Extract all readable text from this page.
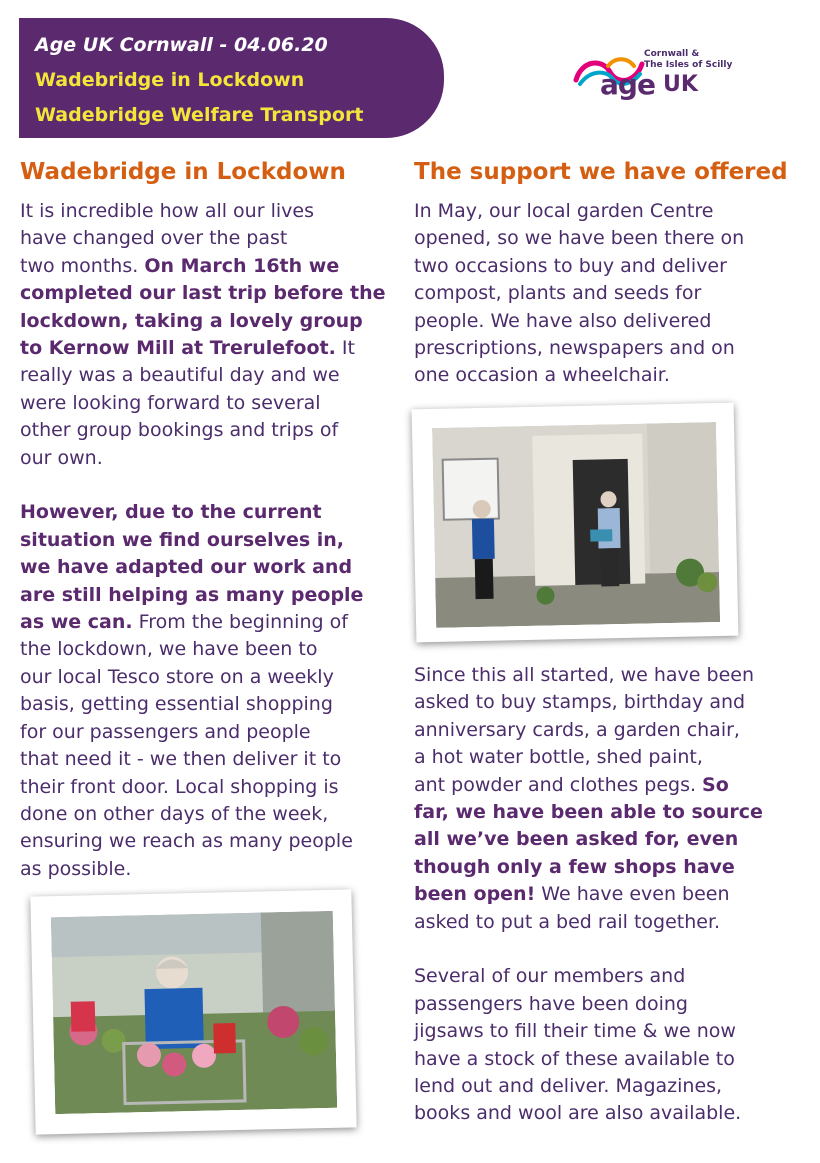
Age UK Cornwall - 04.06.20
Wadebridge in Lockdown
Wadebridge Welfare Transport
Cornwall &
The Isles of Scilly
age UK
Wadebridge in Lockdown

It is incredible how all our lives
have changed over the past
two months. On March 16th we
completed our last trip before the
lockdown, taking a lovely group
to Kernow Mill at Trerulefoot. It
really was a beautiful day and we
were looking forward to several
other group bookings and trips of
our own.

However, due to the current
situation we find ourselves in,
we have adapted our work and
are still helping as many people
as we can. From the beginning of
the lockdown, we have been to
our local Tesco store on a weekly
basis, getting essential shopping
for our passengers and people
that need it - we then deliver it to
their front door. Local shopping is
done on other days of the week,
ensuring we reach as many people
as possible.

The support we have offered

In May, our local garden Centre
opened, so we have been there on
two occasions to buy and deliver
compost, plants and seeds for
people. We have also delivered
prescriptions, newspapers and on
one occasion a wheelchair.

Since this all started, we have been
asked to buy stamps, birthday and
anniversary cards, a garden chair,
a hot water bottle, shed paint,
ant powder and clothes pegs. So
far, we have been able to source
all we’ve been asked for, even
though only a few shops have
been open! We have even been
asked to put a bed rail together.

Several of our members and
passengers have been doing
jigsaws to fill their time & we now
have a stock of these available to
lend out and deliver. Magazines,
books and wool are also available.
